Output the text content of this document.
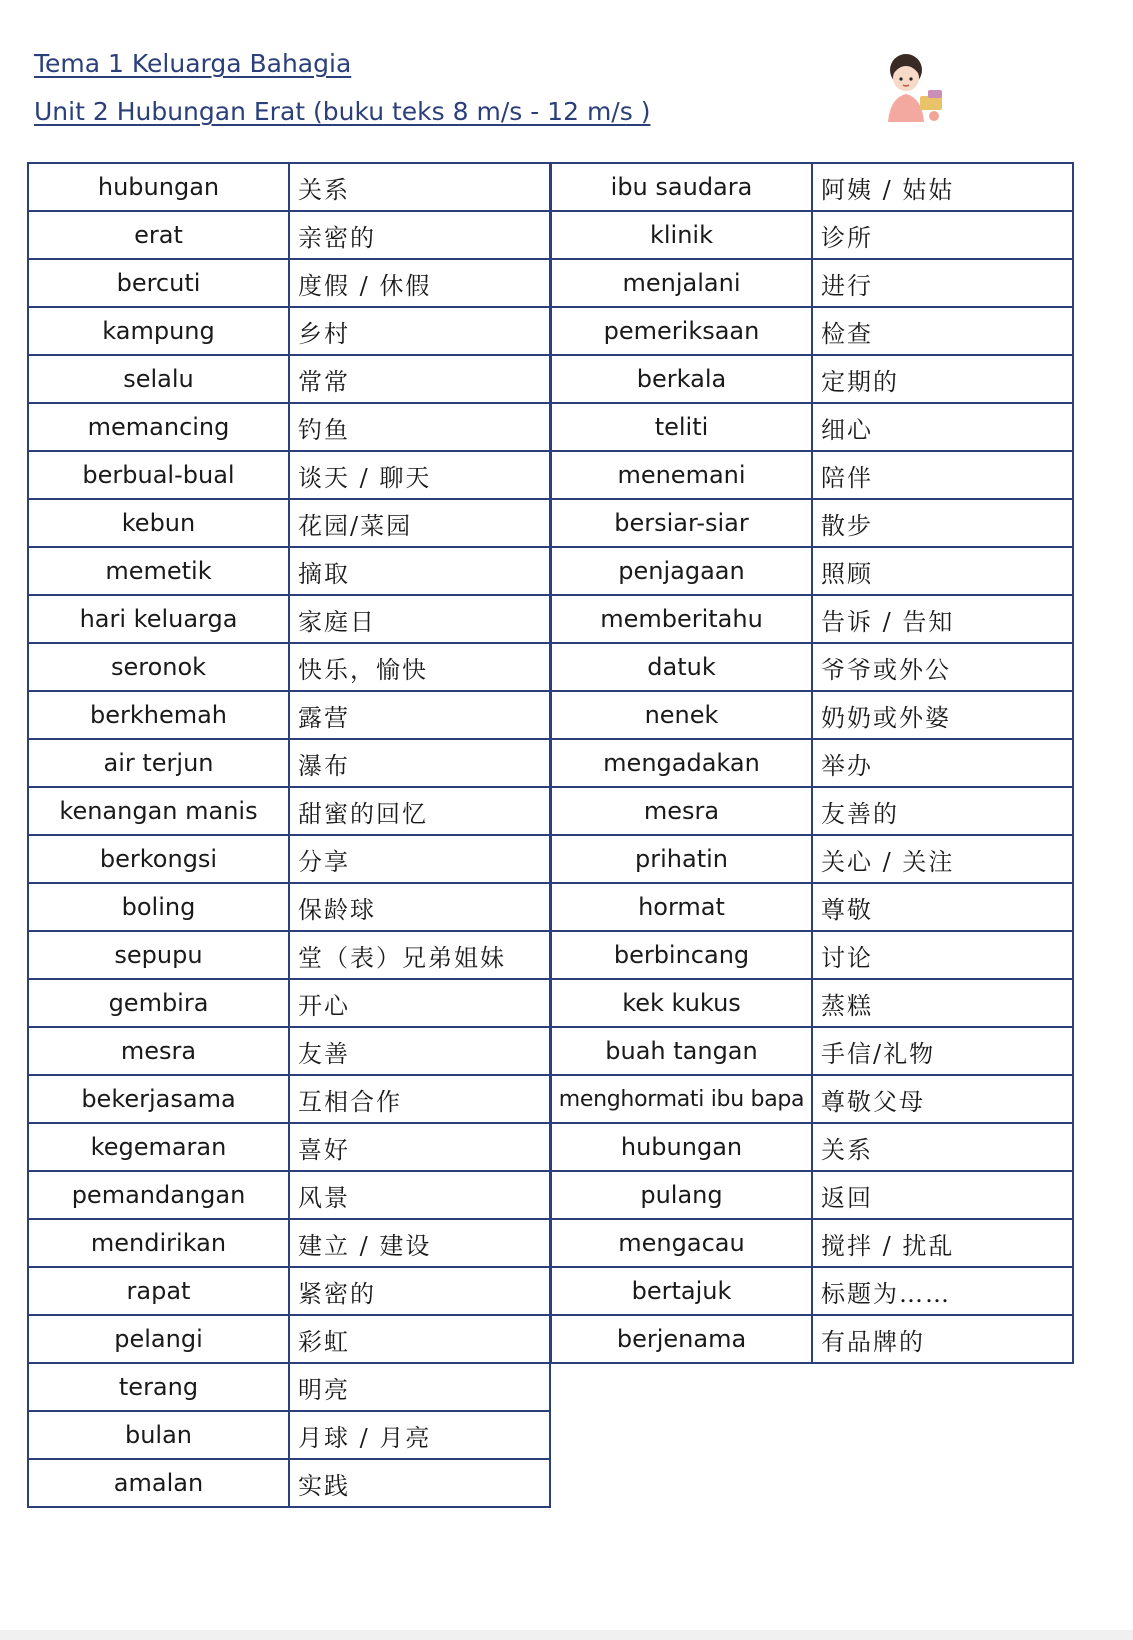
Tema 1 Keluarga Bahagia
Unit 2 Hubungan Erat (buku teks 8 m/s - 12 m/s )
hubungan	关系
erat	亲密的
bercuti	度假 / 休假
kampung	乡村
selalu	常常
memancing	钓鱼
berbual-bual	谈天 / 聊天
kebun	花园/菜园
memetik	摘取
hari keluarga	家庭日
seronok	快乐，愉快
berkhemah	露营
air terjun	瀑布
kenangan manis	甜蜜的回忆
berkongsi	分享
boling	保龄球
sepupu	堂（表）兄弟姐妹
gembira	开心
mesra	友善
bekerjasama	互相合作
kegemaran	喜好
pemandangan	风景
mendirikan	建立 / 建设
rapat	紧密的
pelangi	彩虹
terang	明亮
bulan	月球 / 月亮
amalan	实践
ibu saudara	阿姨 / 姑姑
klinik	诊所
menjalani	进行
pemeriksaan	检查
berkala	定期的
teliti	细心
menemani	陪伴
bersiar-siar	散步
penjagaan	照顾
memberitahu	告诉 / 告知
datuk	爷爷或外公
nenek	奶奶或外婆
mengadakan	举办
mesra	友善的
prihatin	关心 / 关注
hormat	尊敬
berbincang	讨论
kek kukus	蒸糕
buah tangan	手信/礼物
menghormati ibu bapa	尊敬父母
hubungan	关系
pulang	返回
mengacau	搅拌 / 扰乱
bertajuk	标题为……
berjenama	有品牌的
